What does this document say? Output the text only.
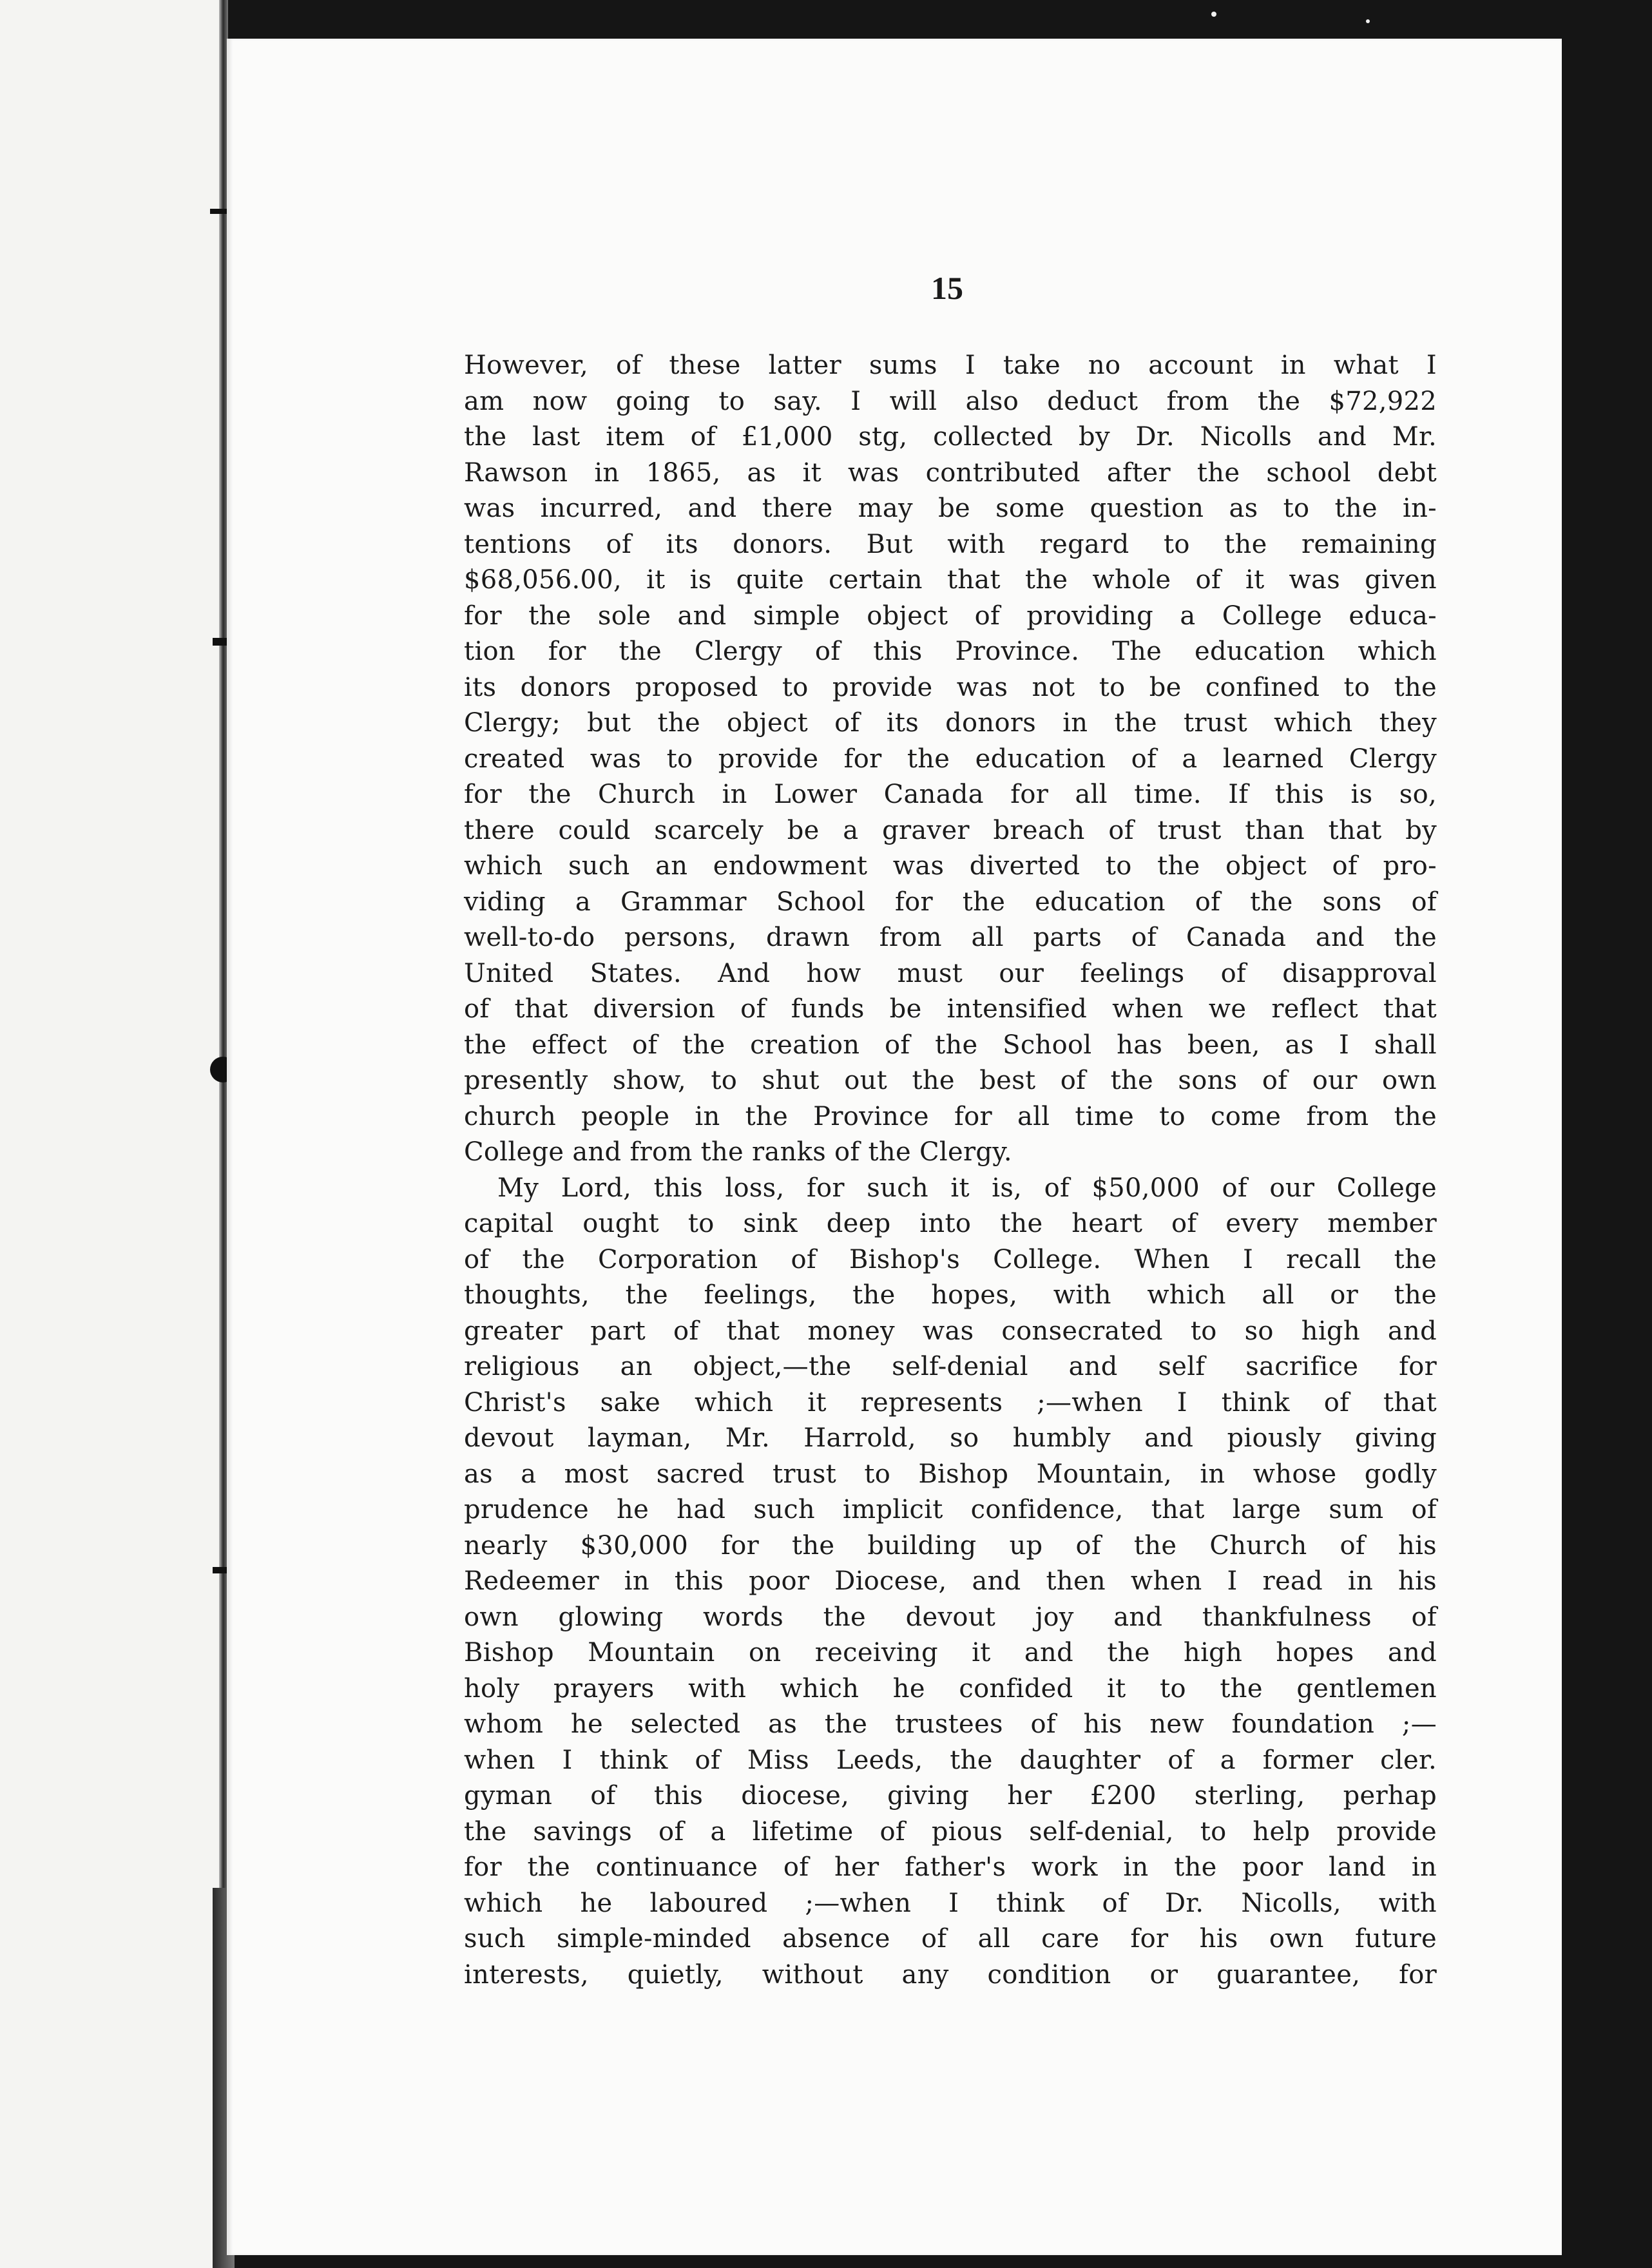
15
However, of these latter sums I take no account in what I
am now going to say. I will also deduct from the $72,922
the last item of £1,000 stg, collected by Dr. Nicolls and Mr.
Rawson in 1865, as it was contributed after the school debt
was incurred, and there may be some question as to the in-
tentions of its donors. But with regard to the remaining
$68,056.00, it is quite certain that the whole of it was given
for the sole and simple object of providing a College educa-
tion for the Clergy of this Province. The education which
its donors proposed to provide was not to be confined to the
Clergy; but the object of its donors in the trust which they
created was to provide for the education of a learned Clergy
for the Church in Lower Canada for all time. If this is so,
there could scarcely be a graver breach of trust than that by
which such an endowment was diverted to the object of pro-
viding a Grammar School for the education of the sons of
well-to-do persons, drawn from all parts of Canada and the
United States. And how must our feelings of disapproval
of that diversion of funds be intensified when we reflect that
the effect of the creation of the School has been, as I shall
presently show, to shut out the best of the sons of our own
church people in the Province for all time to come from the
College and from the ranks of the Clergy.
My Lord, this loss, for such it is, of $50,000 of our College
capital ought to sink deep into the heart of every member
of the Corporation of Bishop's College. When I recall the
thoughts, the feelings, the hopes, with which all or the
greater part of that money was consecrated to so high and
religious an object,—the self-denial and self sacrifice for
Christ's sake which it represents ;—when I think of that
devout layman, Mr. Harrold, so humbly and piously giving
as a most sacred trust to Bishop Mountain, in whose godly
prudence he had such implicit confidence, that large sum of
nearly $30,000 for the building up of the Church of his
Redeemer in this poor Diocese, and then when I read in his
own glowing words the devout joy and thankfulness of
Bishop Mountain on receiving it and the high hopes and
holy prayers with which he confided it to the gentlemen
whom he selected as the trustees of his new foundation ;—
when I think of Miss Leeds, the daughter of a former cler.
gyman of this diocese, giving her £200 sterling, perhap
the savings of a lifetime of pious self-denial, to help provide
for the continuance of her father's work in the poor land in
which he laboured ;—when I think of Dr. Nicolls, with
such simple-minded absence of all care for his own future
interests, quietly, without any condition or guarantee, for
